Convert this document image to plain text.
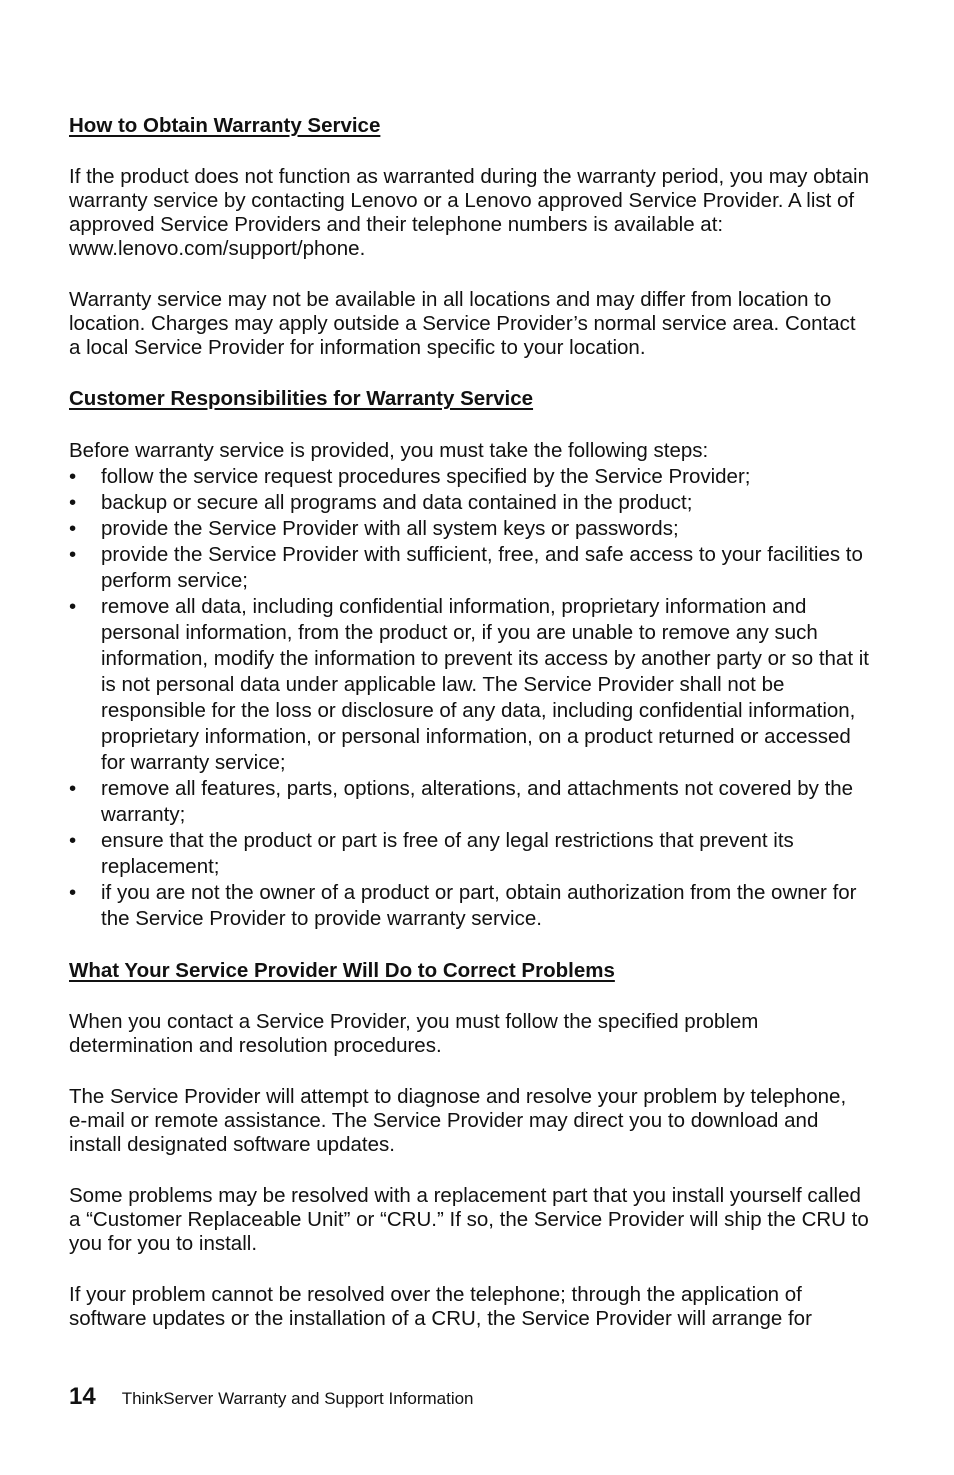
How to Obtain Warranty Service

If the product does not function as warranted during the warranty period, you may obtain warranty service by contacting Lenovo or a Lenovo approved Service Provider. A list of approved Service Providers and their telephone numbers is available at: www.lenovo.com/support/phone.

Warranty service may not be available in all locations and may differ from location to location. Charges may apply outside a Service Provider’s normal service area. Contact a local Service Provider for information specific to your location.

Customer Responsibilities for Warranty Service

Before warranty service is provided, you must take the following steps:

• follow the service request procedures specified by the Service Provider;
• backup or secure all programs and data contained in the product;
• provide the Service Provider with all system keys or passwords;
• provide the Service Provider with sufficient, free, and safe access to your facilities to perform service;
• remove all data, including confidential information, proprietary information and personal information, from the product or, if you are unable to remove any such information, modify the information to prevent its access by another party or so that it is not personal data under applicable law. The Service Provider shall not be responsible for the loss or disclosure of any data, including confidential information, proprietary information, or personal information, on a product returned or accessed for warranty service;
• remove all features, parts, options, alterations, and attachments not covered by the warranty;
• ensure that the product or part is free of any legal restrictions that prevent its replacement;
• if you are not the owner of a product or part, obtain authorization from the owner for the Service Provider to provide warranty service.

What Your Service Provider Will Do to Correct Problems

When you contact a Service Provider, you must follow the specified problem determination and resolution procedures.

The Service Provider will attempt to diagnose and resolve your problem by telephone, e-mail or remote assistance. The Service Provider may direct you to download and install designated software updates.

Some problems may be resolved with a replacement part that you install yourself called a “Customer Replaceable Unit” or “CRU.” If so, the Service Provider will ship the CRU to you for you to install.

If your problem cannot be resolved over the telephone; through the application of software updates or the installation of a CRU, the Service Provider will arrange for

14 ThinkServer Warranty and Support Information
